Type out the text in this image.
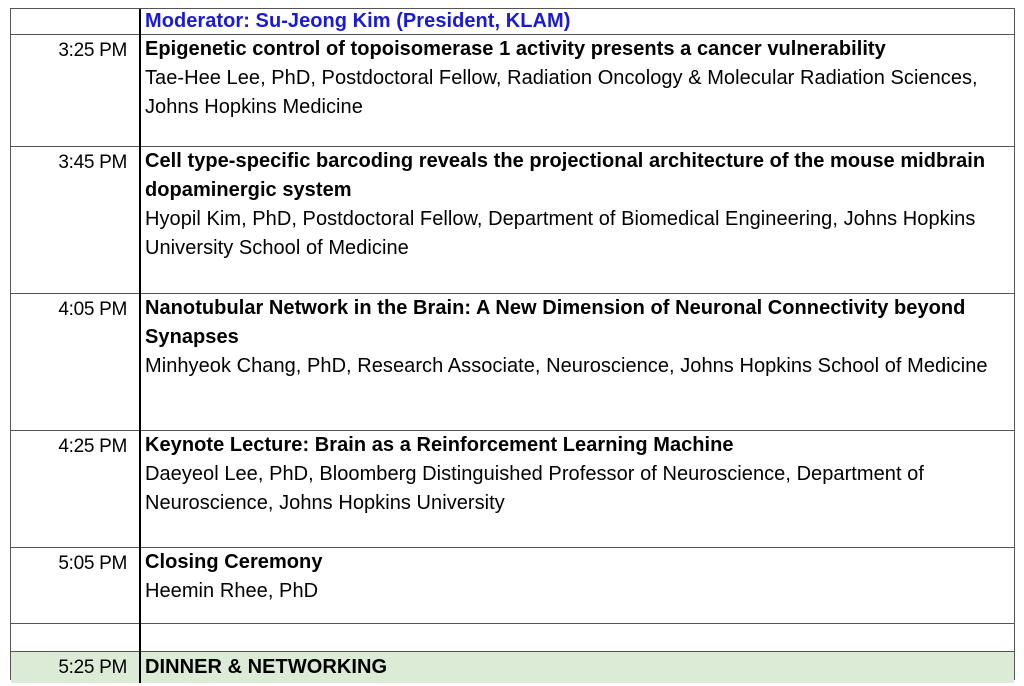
	Moderator: Su-Jeong Kim (President, KLAM)
3:25 PM	Epigenetic control of topoisomerase 1 activity presents a cancer vulnerability
Tae-Hee Lee, PhD, Postdoctoral Fellow, Radiation Oncology & Molecular Radiation Sciences, Johns Hopkins Medicine

3:45 PM	Cell type-specific barcoding reveals the projectional architecture of the mouse midbrain dopaminergic system
Hyopil Kim, PhD, Postdoctoral Fellow, Department of Biomedical Engineering, Johns Hopkins University School of Medicine

4:05 PM	Nanotubular Network in the Brain: A New Dimension of Neuronal Connectivity beyond Synapses
Minhyeok Chang, PhD, Research Associate, Neuroscience, Johns Hopkins School of Medicine

4:25 PM	Keynote Lecture: Brain as a Reinforcement Learning Machine
Daeyeol Lee, PhD, Bloomberg Distinguished Professor of Neuroscience, Department of Neuroscience, Johns Hopkins University

5:05 PM	Closing Ceremony
Heemin Rhee, PhD

5:25 PM	DINNER & NETWORKING
